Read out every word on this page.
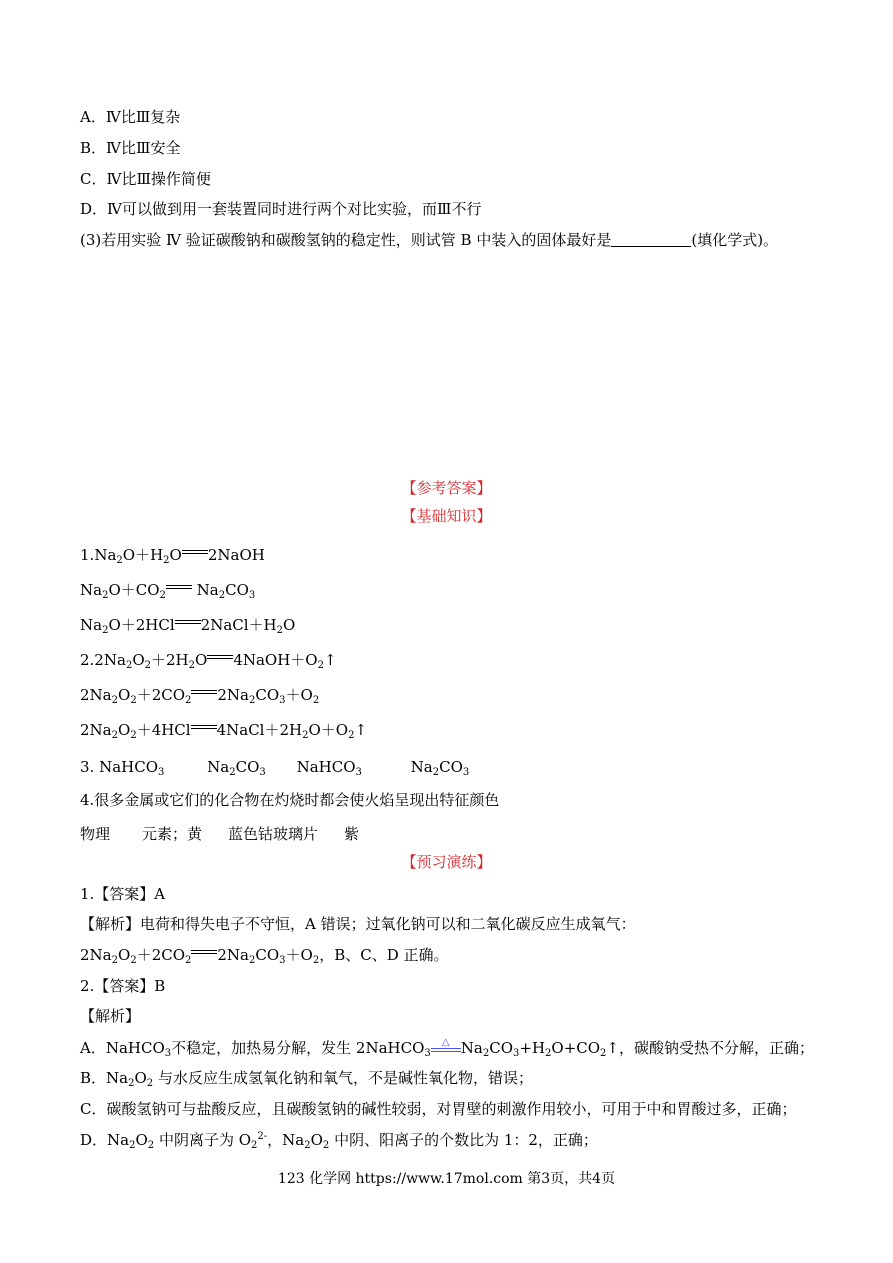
A．Ⅳ比Ⅲ复杂
B．Ⅳ比Ⅲ安全
C．Ⅳ比Ⅲ操作简便
D．Ⅳ可以做到用一套装置同时进行两个对比实验，而Ⅲ不行
(3)若用实验 Ⅳ 验证碳酸钠和碳酸氢钠的稳定性，则试管 B 中装入的固体最好是	(填化学式)。
【参考答案】
【基础知识】
$1.Na_2O+H_2O$ 2NaOH
$Na_2O+CO_2$ $Na_2CO_3$
$Na_2O+2HCl$ $2NaCl+H_2O$
$2.2Na_2O_2+2H_2O$ $4NaOH+O_2↑$
$2Na_2O_2+2CO_2$ $2Na_2CO_3+O_2$
$2Na_2O_2+4HCl$ $4NaCl+2H_2O+O_2↑$
3. NaHCO$_3$	$Na_2CO_3$ NaHCO$_3$	$Na_2CO_3$
4.很多金属或它们的化合物在灼烧时都会使火焰呈现出特征颜色
物理 元素；黄 蓝色钴玻璃片 紫
【预习演练】
1.【答案】A
【解析】电荷和得失电子不守恒，A 错误；过氧化钠可以和二氧化碳反应生成氧气：
$2Na_2O_2+2CO_2$ $2Na_2CO_3+O_2$，B、C、D 正确。
2.【答案】B
【解析】
A．NaHCO$_3$不稳定，加热易分解，发生 2NaHCO$_3$
△ $Na_2CO_3+H_2O+CO_2↑$，碳酸钠受热不分解，正确；
B．$Na_2O_2$ 与水反应生成氢氧化钠和氧气，不是碱性氧化物，错误；
C．碳酸氢钠可与盐酸反应，且碳酸氢钠的碱性较弱，对胃壁的刺激作用较小，可用于中和胃酸过多，正确；
D．$Na_2O_2$ 中阴离子为 $O_2^{2-}$，$Na_2O_2$ 中阴、阳离子的个数比为 1：2，正确；
123 化学网 https://www.17mol.com 第3页，共4页
